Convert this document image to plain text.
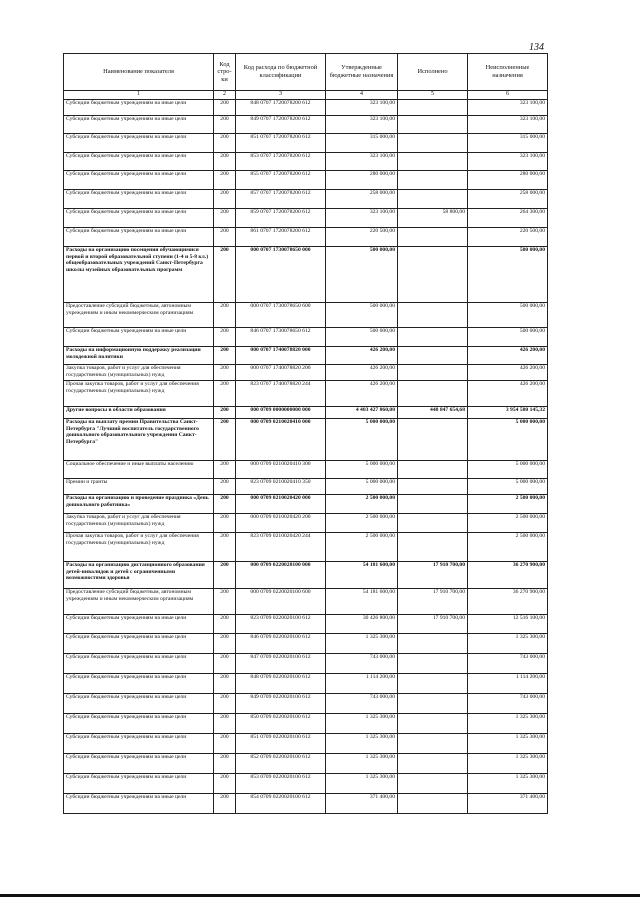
134
Наименование показателя	Код стро-ки	Код расхода по бюджетной классификации	Утвержденные бюджетные назначения	Исполнено	Неисполненные назначения
1	2	3	4	5	6
Субсидии бюджетным учреждениям на иные цели	200	848 0707 1720078200 612	323 100,00		323 100,00
Субсидии бюджетным учреждениям на иные цели	200	849 0707 1720078200 612	323 100,00		323 100,00
Субсидии бюджетным учреждениям на иные цели	200	851 0707 1720078200 612	315 000,00		315 000,00
Субсидии бюджетным учреждениям на иные цели	200	853 0707 1720078200 612	323 100,00		323 100,00
Субсидии бюджетным учреждениям на иные цели	200	855 0707 1720078200 612	280 000,00		280 000,00
Субсидии бюджетным учреждениям на иные цели	200	857 0707 1720078200 612	258 000,00		258 000,00
Субсидии бюджетным учреждениям на иные цели	200	859 0707 1720078200 612	323 100,00	58 800,00	264 300,00
Субсидии бюджетным учреждениям на иные цели	200	861 0707 1720078200 612	220 500,00		220 500,00
Расходы на организацию посещения обучающимися первой и второй образовательной ступени (1-4 и 5-8 кл.) общеобразовательных учреждений Санкт-Петербурга школы музейных образовательных программ	200	000 0707 1730078650 000	500 000,00		500 000,00
Предоставление субсидий бюджетным, автономным учреждениям и иным некоммерческим организациям	200	000 0707 1730078650 600	500 000,00		500 000,00
Субсидии бюджетным учреждениям на иные цели	200	846 0707 1730078650 612	500 000,00		500 000,00
Расходы на информационную поддержку реализации молодежной политики	200	000 0707 1740078820 000	426 200,00		426 200,00
Закупка товаров, работ и услуг для обеспечения государственных (муниципальных) нужд	200	000 0707 1740078820 200	426 200,00		426 200,00
Прочая закупка товаров, работ и услуг для обеспечения государственных (муниципальных) нужд	200	823 0707 1740078820 244	426 200,00		426 200,00
Другие вопросы в области образования	200	000 0709 0000000000 000	4 403 427 860,00	448 847 654,68	3 954 580 145,32
Расходы на выплату премии Правительства Санкт-Петербурга "Лучший воспитатель государственного дошкольного образовательного учреждения Санкт-Петербурга"	200	000 0709 0210020410 000	5 000 000,00		5 000 000,00
Социальное обеспечение и иные выплаты населению	200	000 0709 0210020410 300	5 000 000,00		5 000 000,00
Премии и гранты	200	823 0709 0210020410 350	5 000 000,00		5 000 000,00
Расходы на организацию и проведение праздника «День дошкольного работника»	200	000 0709 0210020420 000	2 500 000,00		2 500 000,00
Закупка товаров, работ и услуг для обеспечения государственных (муниципальных) нужд	200	000 0709 0210020420 200	2 500 000,00		2 500 000,00
Прочая закупка товаров, работ и услуг для обеспечения государственных (муниципальных) нужд	200	823 0709 0210020420 244	2 500 000,00		2 500 000,00
Расходы на организацию дистанционного образования детей-инвалидов и детей с ограниченными возможностями здоровья	200	000 0709 0220020100 000	54 181 600,00	17 910 700,00	36 270 900,00
Предоставление субсидий бюджетным, автономным учреждениям и иным некоммерческим организациям	200	000 0709 0220020100 600	54 181 600,00	17 910 700,00	36 270 900,00
Субсидии бюджетным учреждениям на иные цели	200	823 0709 0220020100 612	30 426 800,00	17 910 700,00	12 516 100,00
Субсидии бюджетным учреждениям на иные цели	200	846 0709 0220020100 612	1 325 300,00		1 325 300,00
Субсидии бюджетным учреждениям на иные цели	200	847 0709 0220020100 612	743 000,00		743 000,00
Субсидии бюджетным учреждениям на иные цели	200	848 0709 0220020100 612	1 114 200,00		1 114 200,00
Субсидии бюджетным учреждениям на иные цели	200	849 0709 0220020100 612	743 000,00		743 000,00
Субсидии бюджетным учреждениям на иные цели	200	850 0709 0220020100 612	1 325 300,00		1 325 300,00
Субсидии бюджетным учреждениям на иные цели	200	851 0709 0220020100 612	1 325 300,00		1 325 300,00
Субсидии бюджетным учреждениям на иные цели	200	852 0709 0220020100 612	1 325 300,00		1 325 300,00
Субсидии бюджетным учреждениям на иные цели	200	853 0709 0220020100 612	1 325 300,00		1 325 300,00
Субсидии бюджетным учреждениям на иные цели	200	854 0709 0220020100 612	371 400,00		371 400,00
